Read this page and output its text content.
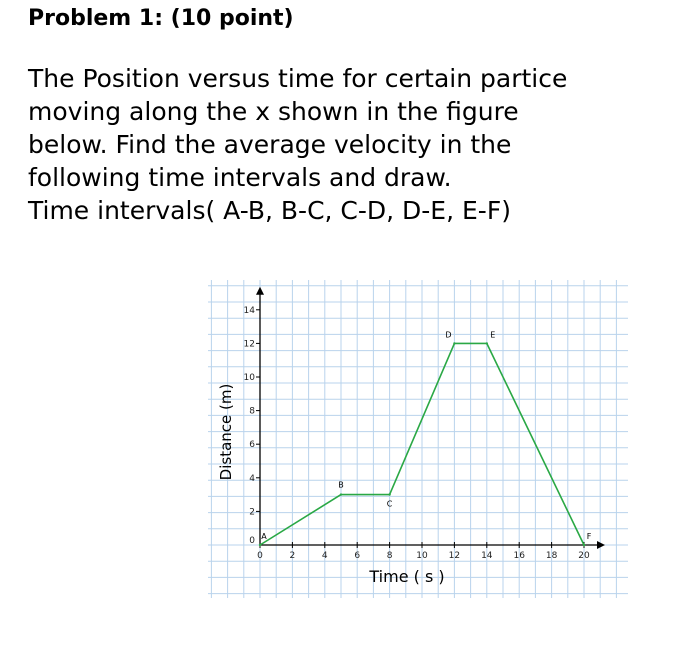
Problem 1: (10 point)
The Position versus time for certain partice
moving along the x shown in the figure
below. Find the average velocity in the
following time intervals and draw.
Time intervals( A-B, B-C, C-D, D-E, E-F)
0	2	4	6	8	10 12 14 16 18 20
0
2
4
6
8
10
12
14
A
B
C
D	E
F
Distance (m)
Time ( s )
